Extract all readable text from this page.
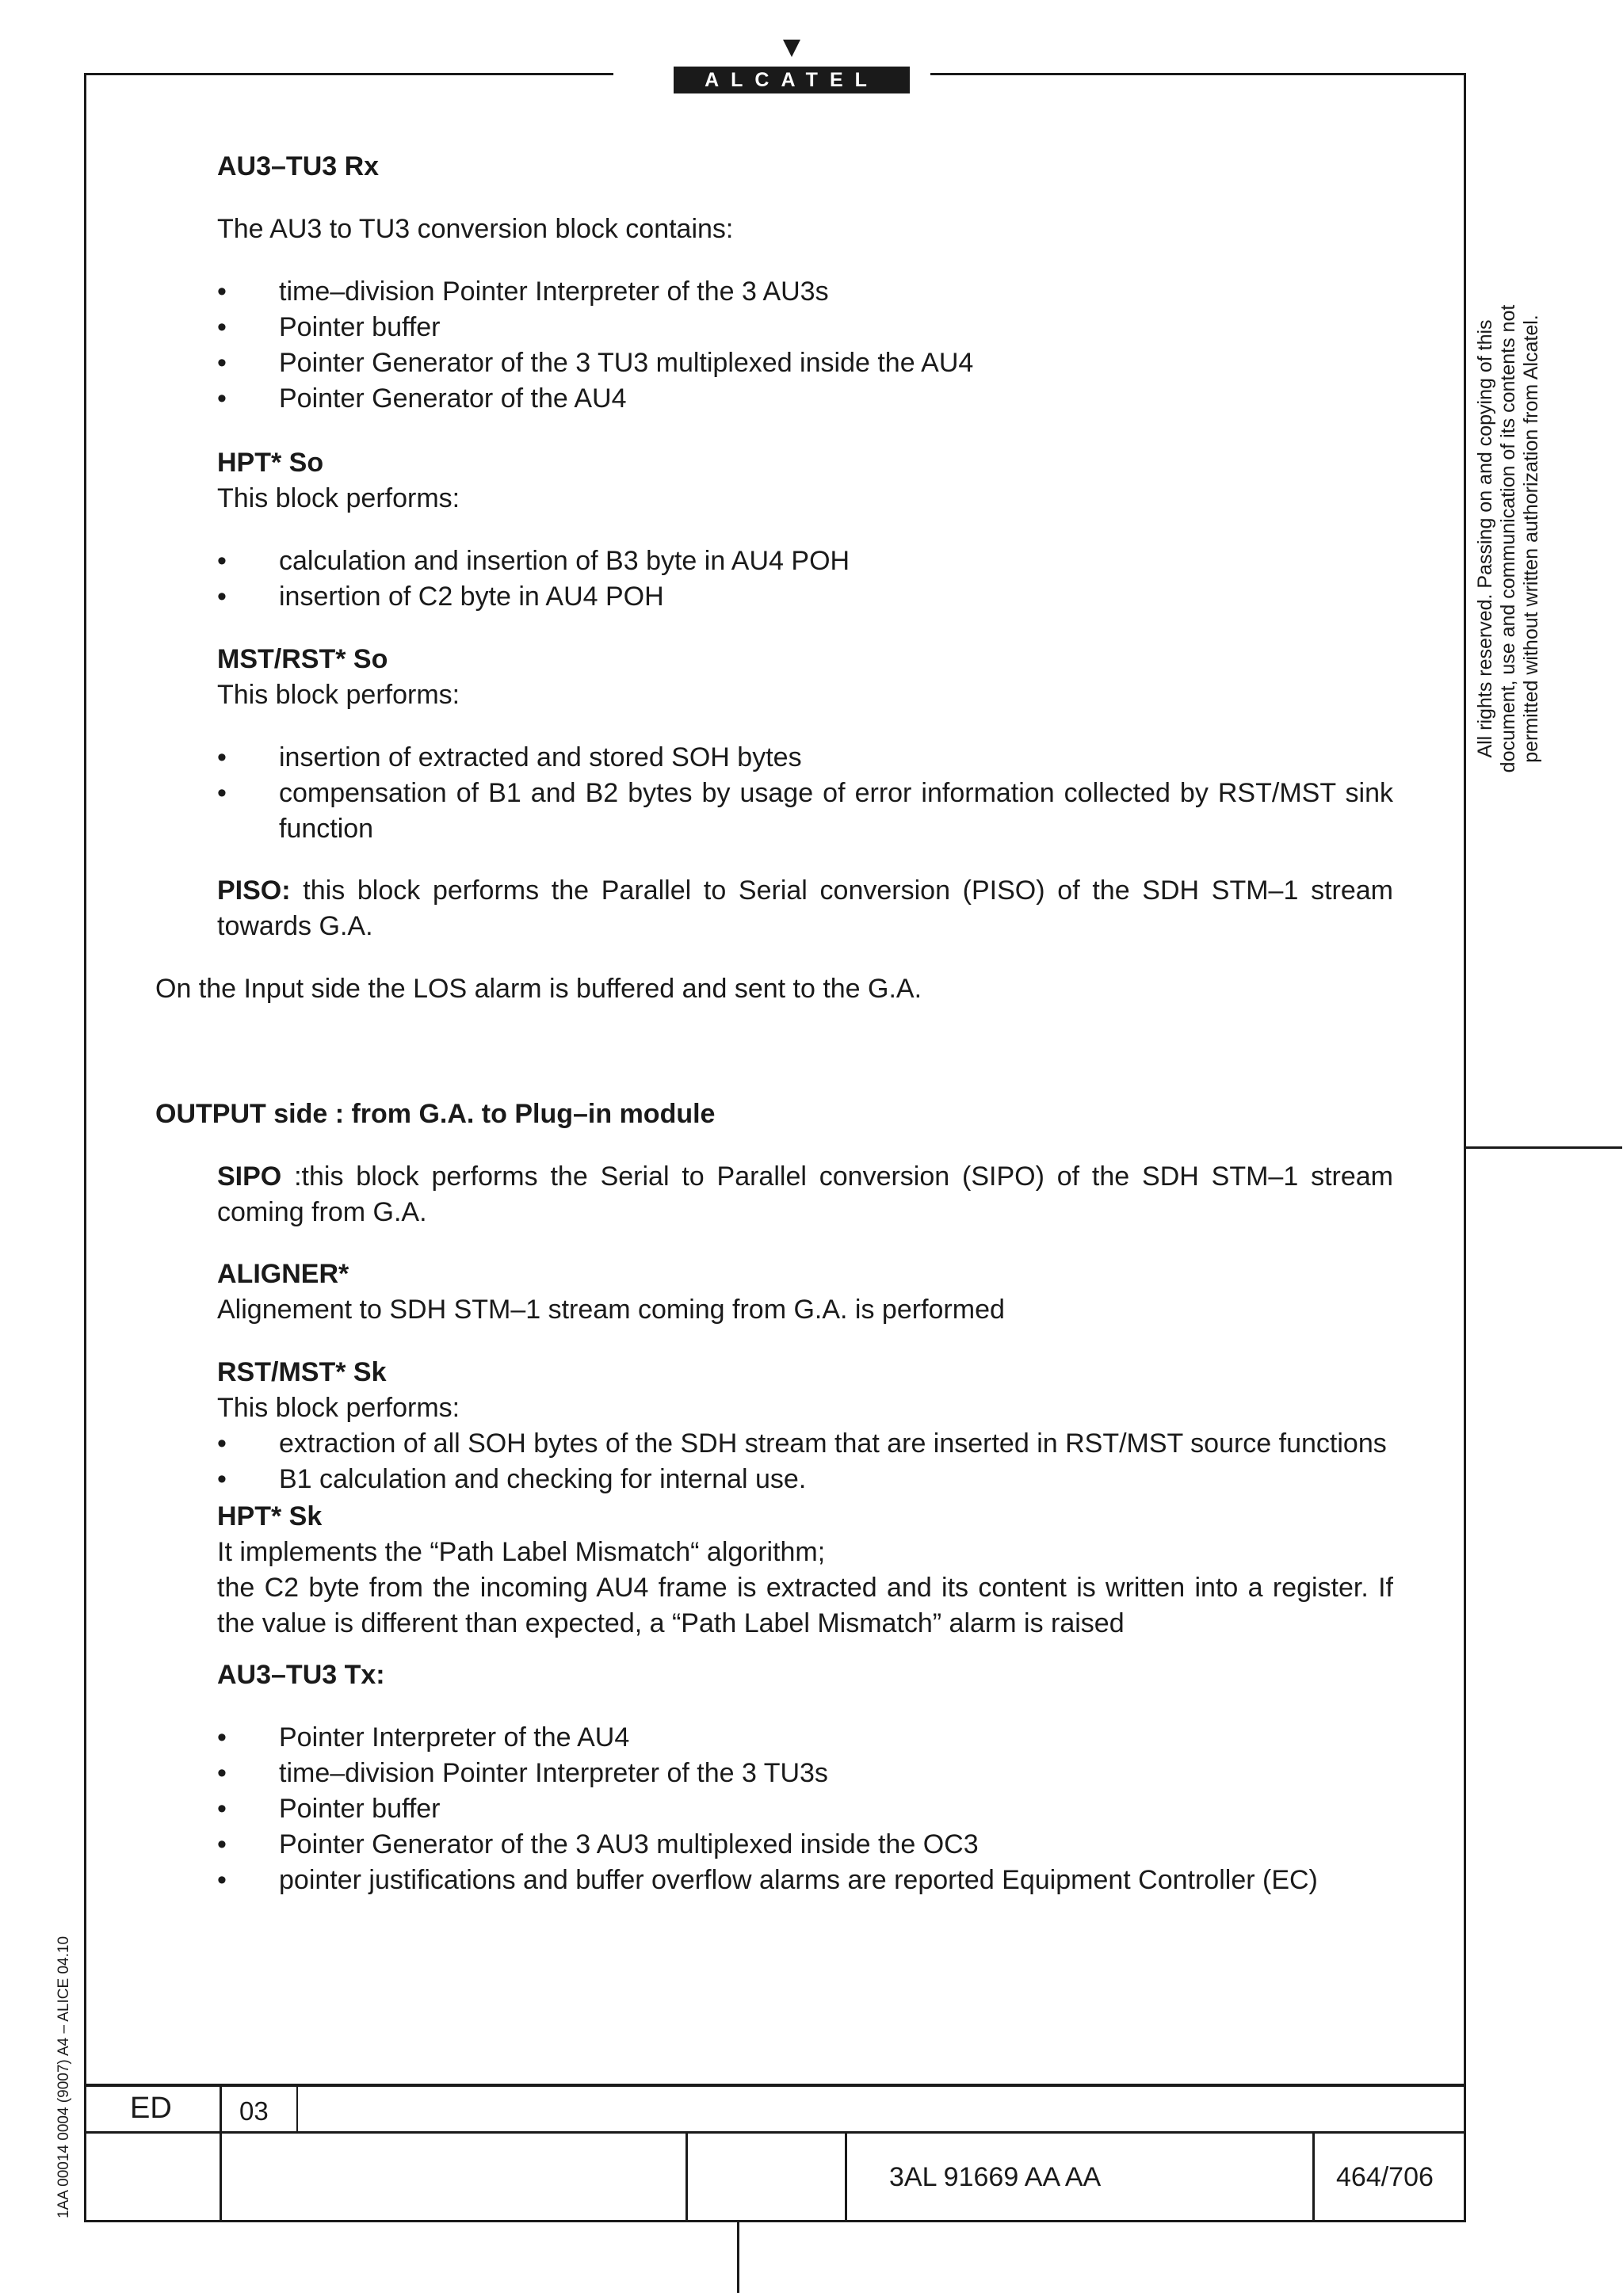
ALCATEL

AU3–TU3 Rx

The AU3 to TU3 conversion block contains:

• time–division Pointer Interpreter of the 3 AU3s
• Pointer buffer
• Pointer Generator of the 3 TU3 multiplexed inside the AU4
• Pointer Generator of the AU4

HPT* So

This block performs:

• calculation and insertion of B3 byte in AU4 POH
• insertion of C2 byte in AU4 POH

MST/RST* So

This block performs:

• insertion of extracted and stored SOH bytes
• compensation of B1 and B2 bytes by usage of error information collected by RST/MST sink function

PISO: this block performs the Parallel to Serial conversion (PISO) of the SDH STM–1 stream towards G.A.

On the Input side the LOS alarm is buffered and sent to the G.A.
OUTPUT side : from G.A. to Plug–in module

SIPO :this block performs the Serial to Parallel conversion (SIPO) of the SDH STM–1 stream coming from G.A.

ALIGNER*

Alignement to SDH STM–1 stream coming from G.A. is performed

RST/MST* Sk

This block performs:

• extraction of all SOH bytes of the SDH stream that are inserted in RST/MST source functions
• B1 calculation and checking for internal use.

HPT* Sk

It implements the “Path Label Mismatch“ algorithm;

the C2 byte from the incoming AU4 frame is extracted and its content is written into a register. If the value is different than expected, a “Path Label Mismatch” alarm is raised

AU3–TU3 Tx:

• Pointer Interpreter of the AU4
• time–division Pointer Interpreter of the 3 TU3s
• Pointer buffer
• Pointer Generator of the 3 AU3 multiplexed inside the OC3
• pointer justifications and buffer overflow alarms are reported Equipment Controller (EC)
All rights reserved. Passing on and copying of this document, use and communication of its contents not permitted without written authorization from Alcatel.
1AA 00014 0004 (9007) A4 – ALICE 04.10 ED	03
3AL 91669 AA AA	464/706
